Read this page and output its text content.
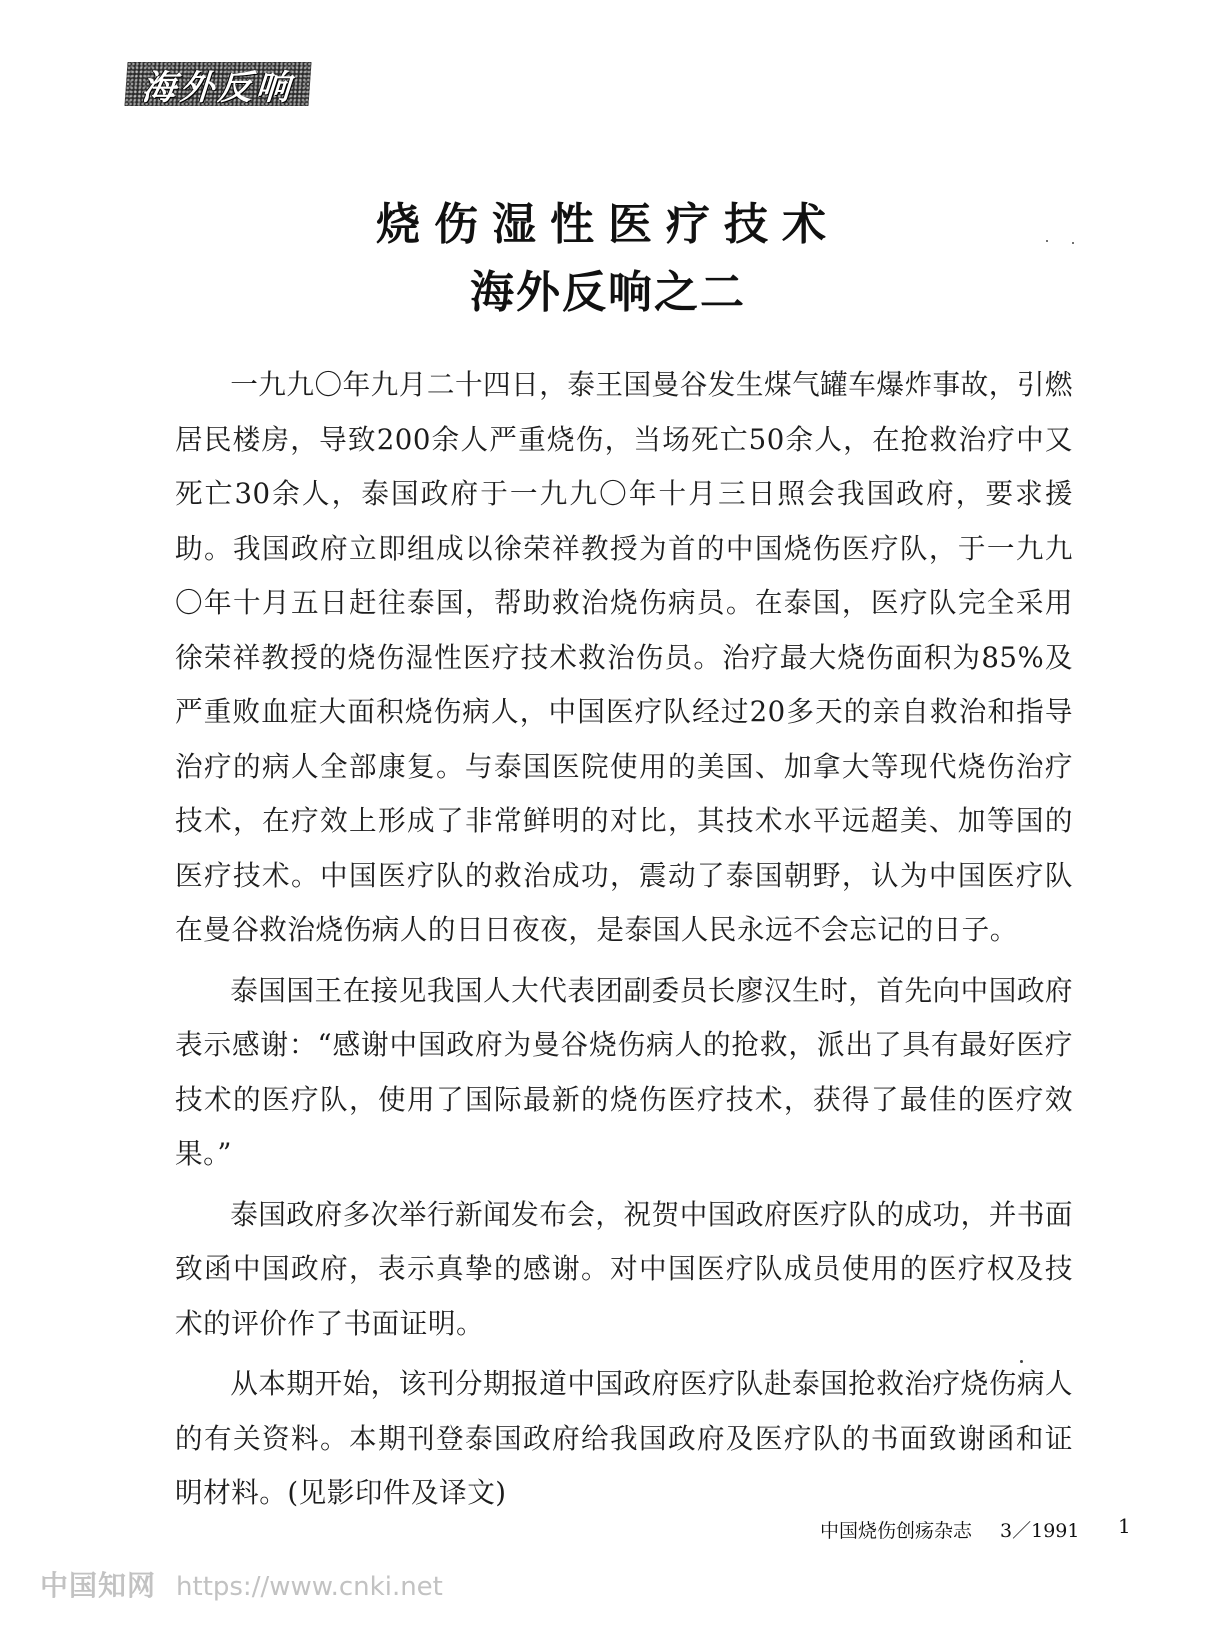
海外反响
烧伤湿性医疗技术
海外反响之二

一九九〇年九月二十四日，泰王国曼谷发生煤气罐车爆炸事故，引燃居民楼房，导致200余人严重烧伤，当场死亡50余人，在抢救治疗中又死亡30余人，泰国政府于一九九〇年十月三日照会我国政府，要求援助。我国政府立即组成以徐荣祥教授为首的中国烧伤医疗队，于一九九〇年十月五日赶往泰国，帮助救治烧伤病员。在泰国，医疗队完全采用徐荣祥教授的烧伤湿性医疗技术救治伤员。治疗最大烧伤面积为85%及严重败血症大面积烧伤病人，中国医疗队经过20多天的亲自救治和指导治疗的病人全部康复。与泰国医院使用的美国、加拿大等现代烧伤治疗技术，在疗效上形成了非常鲜明的对比，其技术水平远超美、加等国的医疗技术。中国医疗队的救治成功，震动了泰国朝野，认为中国医疗队在曼谷救治烧伤病人的日日夜夜，是泰国人民永远不会忘记的日子。

泰国国王在接见我国人大代表团副委员长廖汉生时，首先向中国政府表示感谢：“感谢中国政府为曼谷烧伤病人的抢救，派出了具有最好医疗技术的医疗队，使用了国际最新的烧伤医疗技术，获得了最佳的医疗效果。”

泰国政府多次举行新闻发布会，祝贺中国政府医疗队的成功，并书面致函中国政府，表示真挚的感谢。对中国医疗队成员使用的医疗权及技术的评价作了书面证明。

从本期开始，该刊分期报道中国政府医疗队赴泰国抢救治疗烧伤病人的有关资料。本期刊登泰国政府给我国政府及医疗队的书面致谢函和证明材料。(见影印件及译文)

中国烧伤创疡杂志 3／1991 1
中国知网 https://www.cnki.net
